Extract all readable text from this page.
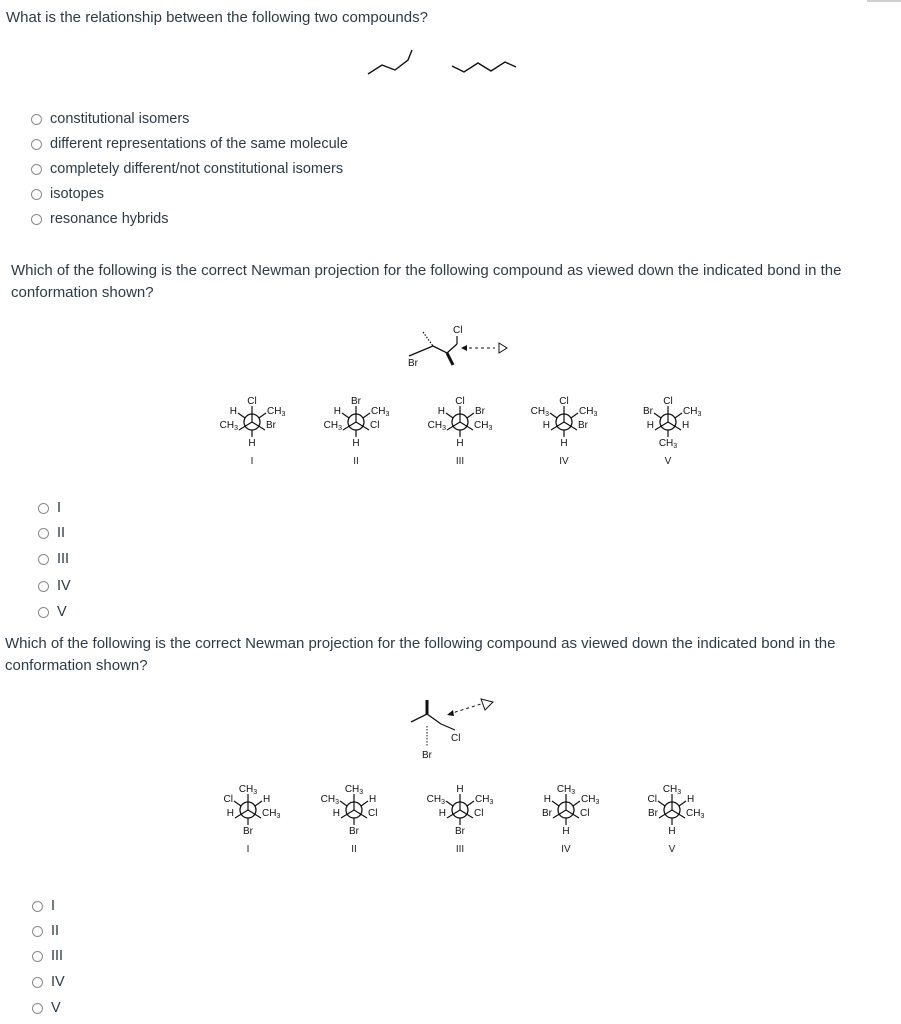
What is the relationship between the following two compounds?
constitutional isomers
different representations of the same molecule
completely different/not constitutional isomers
isotopes
resonance hybrids
Which of the following is the correct Newman projection for the following compound as viewed down the indicated bond in the conformation shown?
Cl
Br
Cl
H	$CH_3$
$CH_3$	Br
H
I
Br
H	$CH_3$
$CH_3$	Cl
H
II
Cl
H	Br
$CH_3$	$CH_3$
H
III
Cl
$CH_3$	$CH_3$
H	Br
H
IV
Cl
Br	$CH_3$
H	H
$CH_3$
V
I
II
III
IV
V
Which of the following is the correct Newman projection for the following compound as viewed down the indicated bond in the conformation shown?
Cl
Br
$CH_3$
Cl	H
H	$CH_3$
Br
I
$CH_3$
$CH_3$	H
H	Cl
Br
II
H
$CH_3$	$CH_3$
H	Cl
Br
III
$CH_3$
H	$CH_3$
Br	Cl
H
IV
$CH_3$
Cl	H
Br	$CH_3$
H
V
I
II
III
IV
V
